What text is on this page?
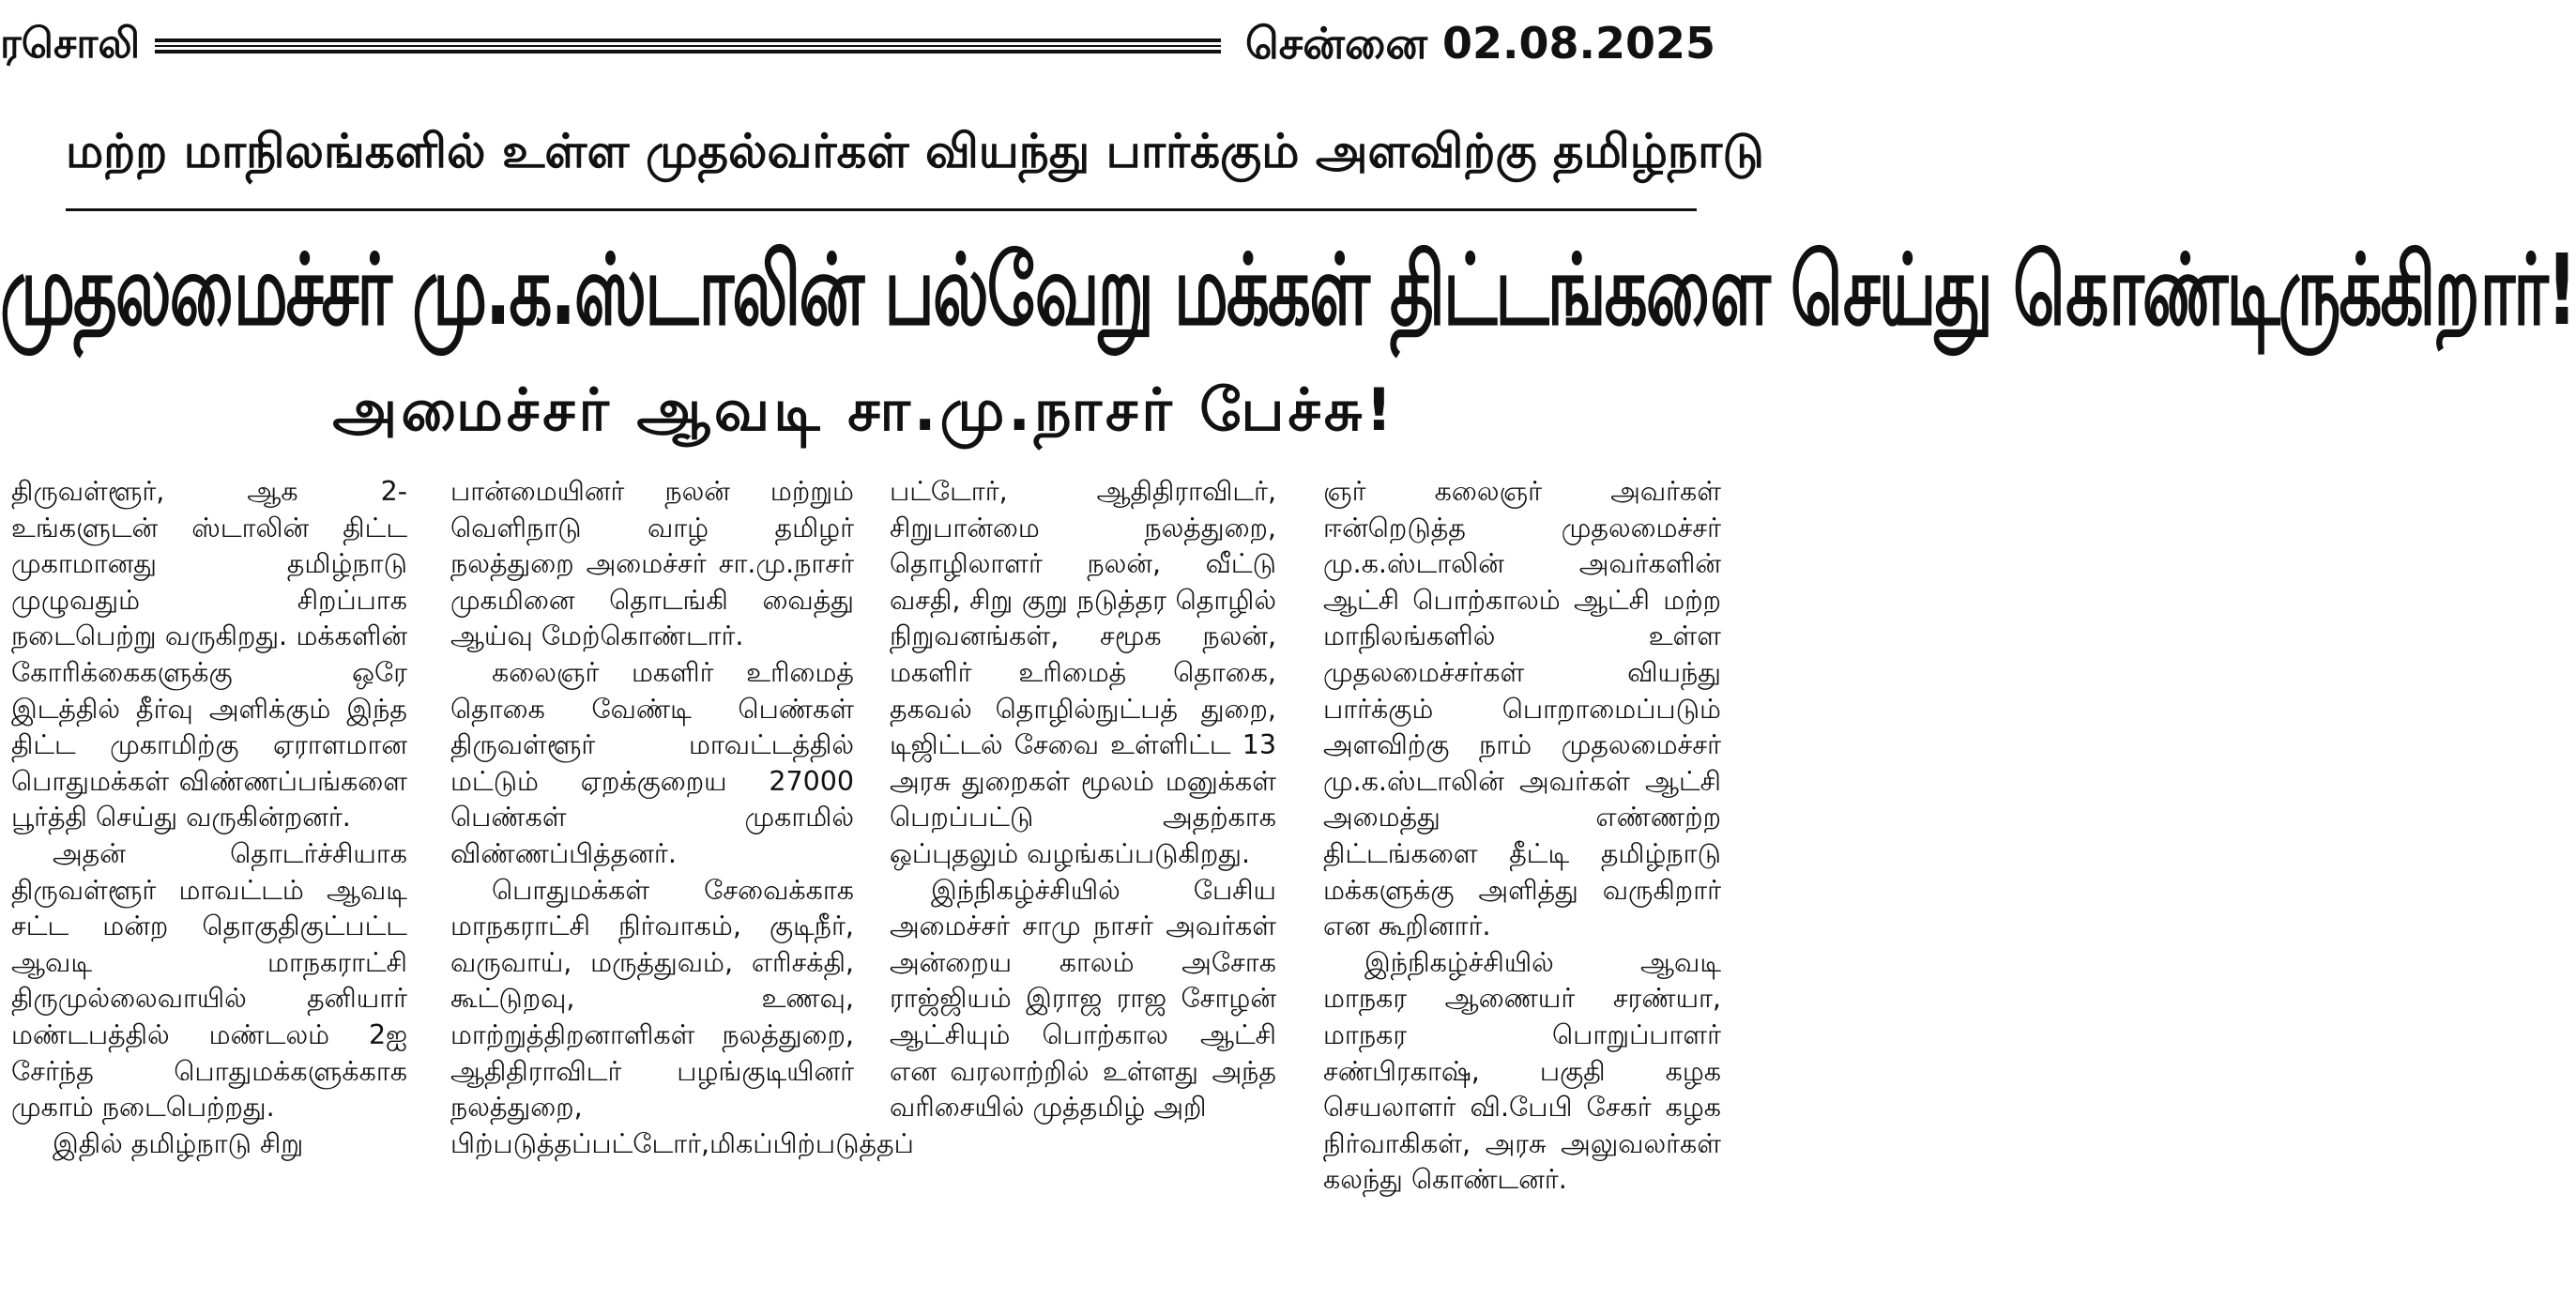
ரசொலி	சென்னை 02.08.2025
மற்ற மாநிலங்களில் உள்ள முதல்வர்கள் வியந்து பார்க்கும் அளவிற்கு தமிழ்நாடு
முதலமைச்சர் மு.க.ஸ்டாலின் பல்வேறு மக்கள் திட்டங்களை செய்து கொண்டிருக்கிறார்!
அமைச்சர் ஆவடி சா.மு.நாசர் பேச்சு!

திருவள்ளூர், ஆக 2- உங்களுடன் ஸ்டாலின் திட்ட முகாமானது தமிழ்நாடு முழுவதும் சிறப்பாக நடைபெற்று வருகிறது. மக்களின் கோரிக்கைகளுக்கு ஒரே இடத்தில் தீர்வு அளிக்கும் இந்த திட்ட முகாமிற்கு ஏராளமான பொதுமக்கள் விண்ணப்பங்களை பூர்த்தி செய்து வருகின்றனர்.

அதன் தொடர்ச்சியாக திருவள்ளூர் மாவட்டம் ஆவடி சட்ட மன்ற தொகுதிகுட்பட்ட ஆவடி மாநகராட்சி திருமுல்லைவாயில் தனியார் மண்டபத்தில் மண்டலம் 2ஐ சேர்ந்த பொதுமக்களுக்காக முகாம் நடைபெற்றது.

இதில் தமிழ்நாடு சிறு

பான்மையினர் நலன் மற்றும் வெளிநாடு வாழ் தமிழர் நலத்துறை அமைச்சர் சா.மு.நாசர் முகமினை தொடங்கி வைத்து ஆய்வு மேற்கொண்டார்.

கலைஞர் மகளிர் உரிமைத் தொகை வேண்டி பெண்கள் திருவள்ளூர் மாவட்டத்தில் மட்டும் ஏறக்குறைய 27000 பெண்கள் முகாமில் விண்ணப்பித்தனர்.

பொதுமக்கள் சேவைக்காக மாநகராட்சி நிர்வாகம், குடிநீர், வருவாய், மருத்துவம், எரிசக்தி, கூட்டுறவு, உணவு, மாற்றுத்திறனாளிகள் நலத்துறை, ஆதிதிராவிடர் பழங்குடியினர் நலத்துறை, பிற்படுத்தப்பட்டோர்,மிகப்பிற்படுத்தப்

பட்டோர், ஆதிதிராவிடர், சிறுபான்மை நலத்துறை, தொழிலாளர் நலன், வீட்டு வசதி, சிறு குறு நடுத்தர தொழில் நிறுவனங்கள், சமூக நலன், மகளிர் உரிமைத் தொகை, தகவல் தொழில்நுட்பத் துறை, டிஜிட்டல் சேவை உள்ளிட்ட 13 அரசு துறைகள் மூலம் மனுக்கள் பெறப்பட்டு அதற்காக ஒப்புதலும் வழங்கப்படுகிறது.

இந்நிகழ்ச்சியில் பேசிய அமைச்சர் சாமு நாசர் அவர்கள் அன்றைய காலம் அசோக ராஜ்ஜியம் இராஜ ராஜ சோழன் ஆட்சியும் பொற்கால ஆட்சி என வரலாற்றில் உள்ளது அந்த வரிசையில் முத்தமிழ் அறி

ஞர் கலைஞர் அவர்கள் ஈன்றெடுத்த முதலமைச்சர் மு.க.ஸ்டாலின் அவர்களின் ஆட்சி பொற்காலம் ஆட்சி மற்ற மாநிலங்களில் உள்ள முதலமைச்சர்கள் வியந்து பார்க்கும் பொறாமைப்படும் அளவிற்கு நாம் முதலமைச்சர் மு.க.ஸ்டாலின் அவர்கள் ஆட்சி அமைத்து எண்ணற்ற திட்டங்களை தீட்டி தமிழ்நாடு மக்களுக்கு அளித்து வருகிறார் என கூறினார்.

இந்நிகழ்ச்சியில் ஆவடி மாநகர ஆணையர் சரண்யா, மாநகர பொறுப்பாளர் சண்பிரகாஷ், பகுதி கழக செயலாளர் வி.பேபி சேகர் கழக நிர்வாகிகள், அரசு அலுவலர்கள் கலந்து கொண்டனர்.
